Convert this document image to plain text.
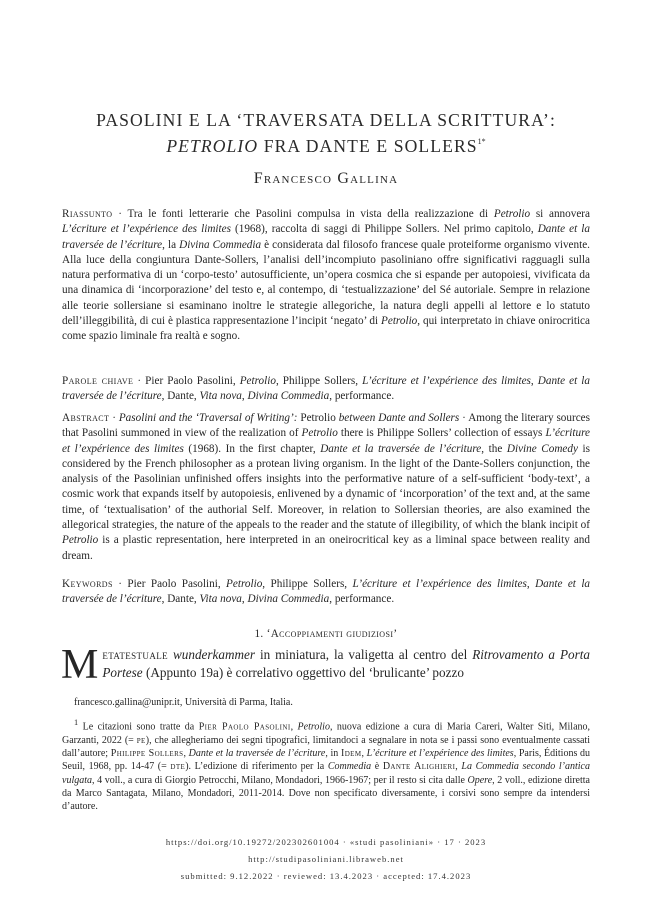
PASOLINI E LA ‘TRAVERSATA DELLA SCRITTURA’:
PETROLIO FRA DANTE E $SOLLERS^{1*}$
Francesco Gallina
Riassunto · Tra le fonti letterarie che Pasolini compulsa in vista della realizzazione di Petrolio si annovera L’écriture et l’expérience des limites (1968), raccolta di saggi di Philippe Sollers. Nel primo capitolo, Dante et la traversée de l’écriture, la Divina Commedia è considerata dal filosofo francese quale proteiforme organismo vivente. Alla luce della congiuntura Dante-Sollers, l’analisi dell’incompiuto pasoliniano offre significativi ragguagli sulla natura performativa di un ‘corpo-testo’ autosufficiente, un’opera cosmica che si espande per autopoiesi, vivificata da una dinamica di ‘incorporazione’ del testo e, al contempo, di ‘testualizzazione’ del Sé autoriale. Sempre in relazione alle teorie sollersiane si esaminano inoltre le strategie allegoriche, la natura degli appelli al lettore e lo statuto dell’illeggibilità, di cui è plastica rappresentazione l’incipit ‘negato’ di Petrolio, qui interpretato in chiave onirocritica come spazio liminale fra realtà e sogno.
Parole chiave · Pier Paolo Pasolini, Petrolio, Philippe Sollers, L’écriture et l’expérience des limites, Dante et la traversée de l’écriture, Dante, Vita nova, Divina Commedia, performance.
Abstract · Pasolini and the ‘Traversal of Writing’: Petrolio between Dante and Sollers · Among the literary sources that Pasolini summoned in view of the realization of Petrolio there is Philippe Sollers’ collection of essays L’écriture et l’expérience des limites (1968). In the first chapter, Dante et la traversée de l’écriture, the Divine Comedy is considered by the French philosopher as a protean living organism. In the light of the Dante-Sollers conjunction, the analysis of the Pasolinian unfinished offers insights into the performative nature of a self-sufficient ‘body-text’, a cosmic work that expands itself by autopoiesis, enlivened by a dynamic of ‘incorporation’ of the text and, at the same time, of ‘textualisation’ of the authorial Self. Moreover, in relation to Sollersian theories, are also examined the allegorical strategies, the nature of the appeals to the reader and the statute of illegibility, of which the blank incipit of Petrolio is a plastic representation, here interpreted in an oneirocritical key as a liminal space between reality and dream.
Keywords · Pier Paolo Pasolini, Petrolio, Philippe Sollers, L’écriture et l’expérience des limites, Dante et la traversée de l’écriture, Dante, Vita nova, Divina Commedia, performance.
1. ‘Accoppiamenti giudiziosi’
Metatestuale wunderkammer in miniatura, la valigetta al centro del Ritrovamento a Porta Portese (Appunto 19a) è correlativo oggettivo del ‘brulicante’ pozzo
francesco.gallina@unipr.it, Università di Parma, Italia.
$^1$ Le citazioni sono tratte da Pier Paolo Pasolini, Petrolio, nuova edizione a cura di Maria Careri, Walter Siti, Milano, Garzanti, 2022 (= pe), che allegheriamo dei segni tipografici, limitandoci a segnalare in nota se i passi sono eventualmente cassati dall’autore; Philippe Sollers, Dante et la traversée de l’écriture, in Idem, L’écriture et l’expérience des limites, Paris, Éditions du Seuil, 1968, pp. 14-47 (= dte). L’edizione di riferimento per la Commedia è Dante Alighieri, La Commedia secondo l’antica vulgata, 4 voll., a cura di Giorgio Petrocchi, Milano, Mondadori, 1966-1967; per il resto si cita dalle Opere, 2 voll., edizione diretta da Marco Santagata, Milano, Mondadori, 2011-2014. Dove non specificato diversamente, i corsivi sono sempre da intendersi d’autore.
https://doi.org/10.19272/202302601004 · «studi pasoliniani» · 17 · 2023
http://studipasoliniani.libraweb.net
submitted: 9.12.2022 · reviewed: 13.4.2023 · accepted: 17.4.2023
